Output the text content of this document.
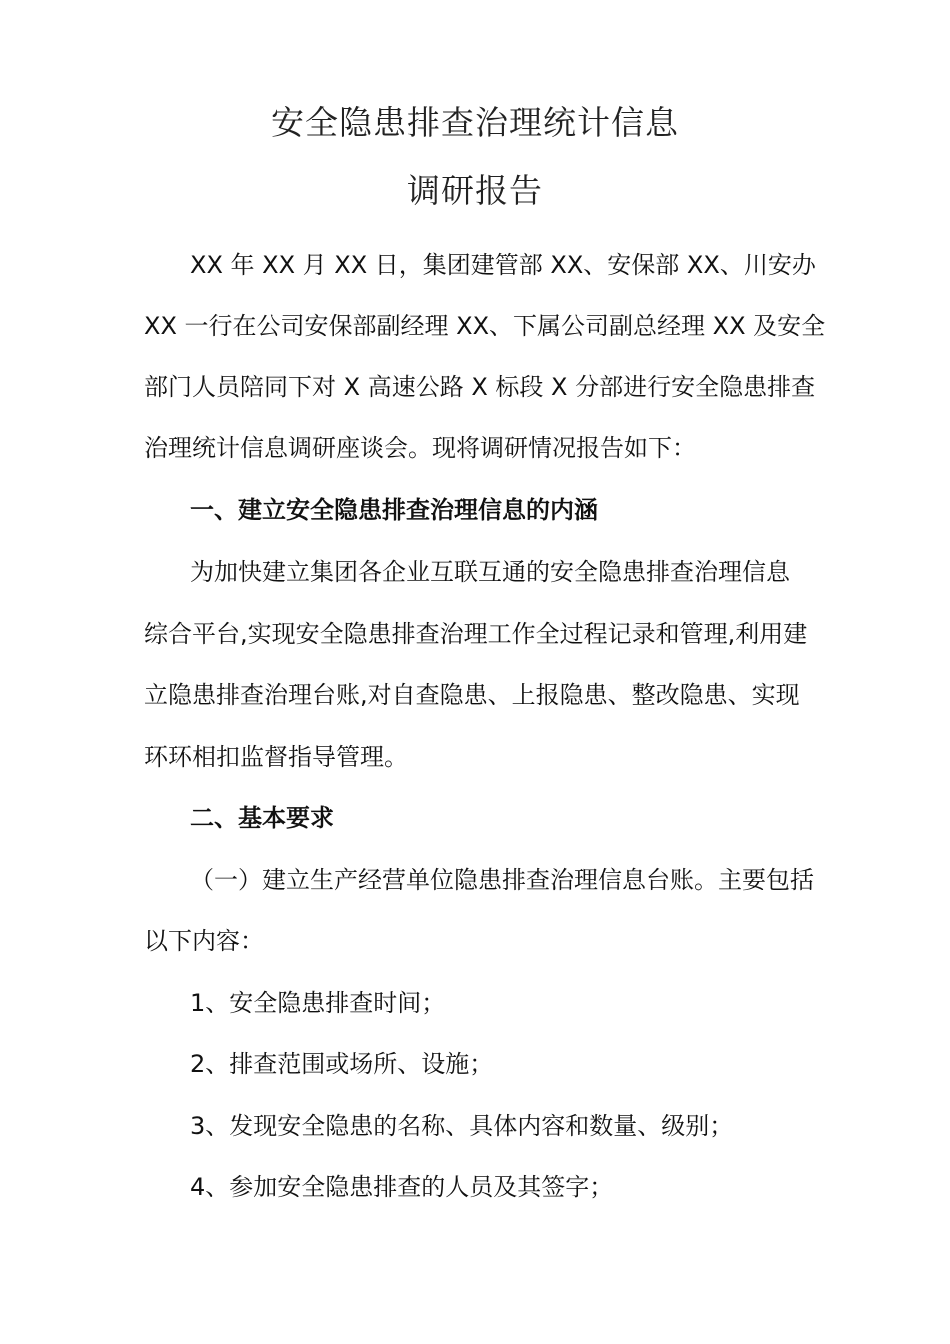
安全隐患排查治理统计信息
调研报告
XX 年 XX 月 XX 日，集团建管部 XX、安保部 XX、川安办
XX 一行在公司安保部副经理 XX、下属公司副总经理 XX 及安全
部门人员陪同下对 X 高速公路 X 标段 X 分部进行安全隐患排查
治理统计信息调研座谈会。现将调研情况报告如下：
一、建立安全隐患排查治理信息的内涵
为加快建立集团各企业互联互通的安全隐患排查治理信息
综合平台,实现安全隐患排查治理工作全过程记录和管理,利用建
立隐患排查治理台账,对自查隐患、上报隐患、整改隐患、实现
环环相扣监督指导管理。
二、基本要求
（一）建立生产经营单位隐患排查治理信息台账。主要包括
以下内容：
1、安全隐患排查时间；
2、排查范围或场所、设施；
3、发现安全隐患的名称、具体内容和数量、级别；
4、参加安全隐患排查的人员及其签字；
